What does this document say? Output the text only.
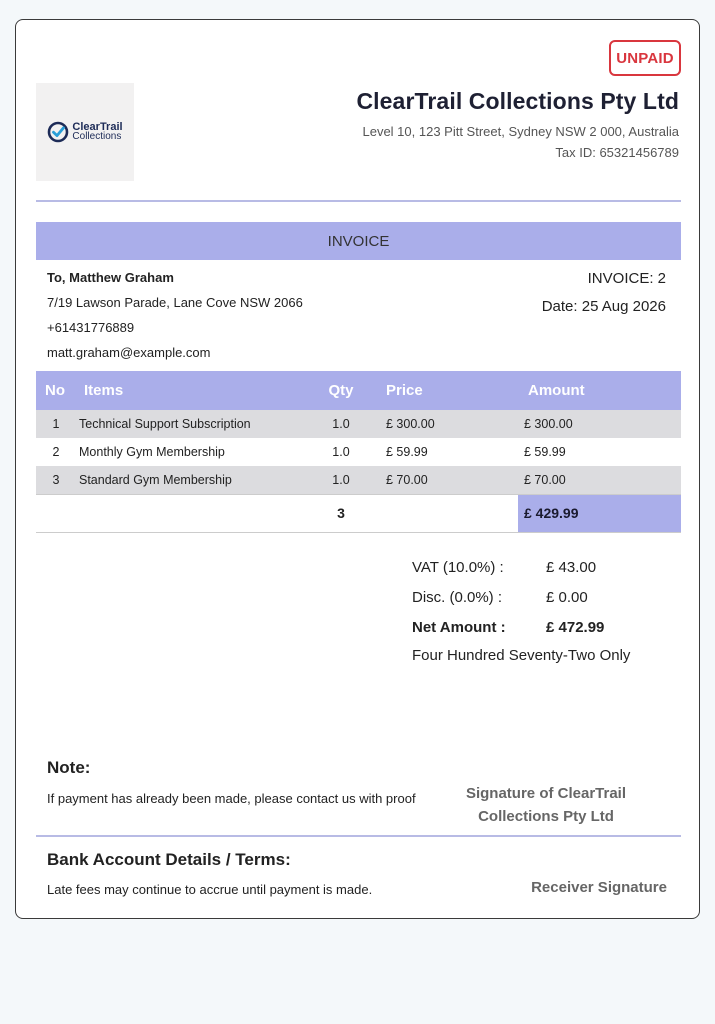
UNPAID
ClearTrail
Collections
ClearTrail Collections Pty Ltd
Level 10, 123 Pitt Street, Sydney NSW 2 000, Australia
Tax ID: 65321456789
INVOICE
To, Matthew Graham
7/19 Lawson Parade, Lane Cove NSW 2066
+61431776889
matt.graham@example.com
INVOICE: 2
Date: 25 Aug 2026
No	Items	Qty	Price	Amount
1	Technical Support Subscription	1.0	£ 300.00	£ 300.00
2	Monthly Gym Membership	1.0	£ 59.99	£ 59.99
3	Standard Gym Membership	1.0	£ 70.00	£ 70.00
		3		£ 429.99
VAT (10.0%) :	£ 43.00
Disc. (0.0%) :	£ 0.00
Net Amount :	£ 472.99
Four Hundred Seventy-Two Only
Note:
If payment has already been made, please contact us with proof	Signature of ClearTrail Collections Pty Ltd
Bank Account Details / Terms:
Late fees may continue to accrue until payment is made.	Receiver Signature
